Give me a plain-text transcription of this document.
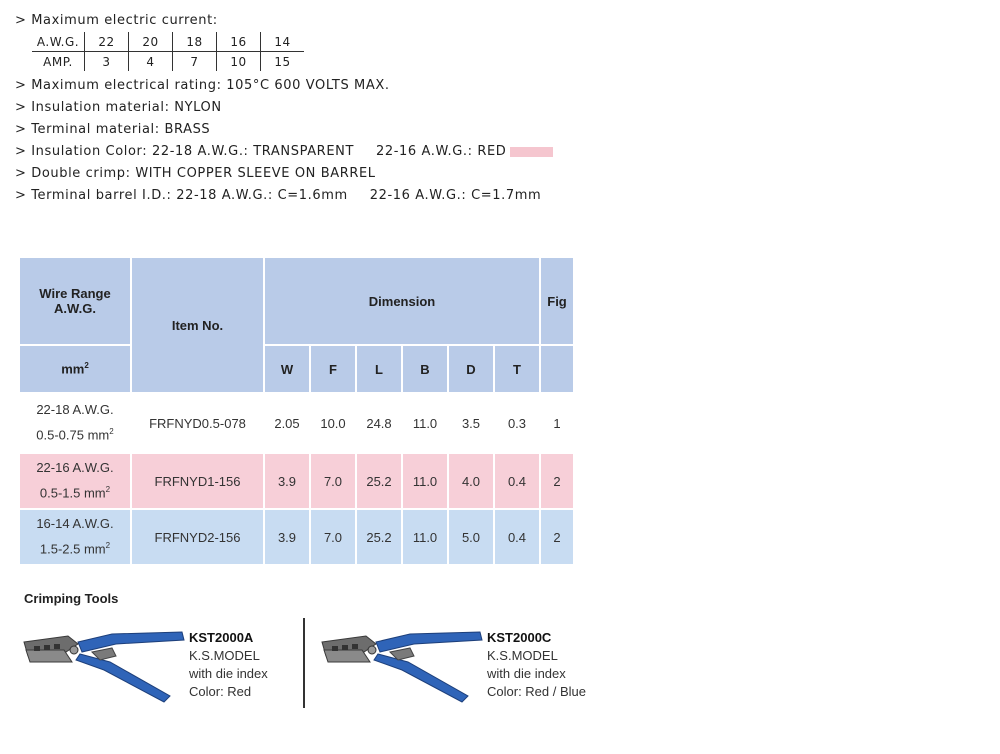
> Maximum electric current:
A.W.G.	22	20	18	16	14
AMP.	3	4	7	10	15
> Maximum electrical rating: 105°C 600 VOLTS MAX.
> Insulation material: NYLON
> Terminal material: BRASS
> Insulation Color: 22-18 A.W.G.: TRANSPARENT 22-16 A.W.G.: RED
> Double crimp: WITH COPPER SLEEVE ON BARREL
> Terminal barrel I.D.: 22-18 A.W.G.: C=1.6mm 22-16 A.W.G.: C=1.7mm
Wire Range
A.W.G.	Item No.	Dimension						Fig
$mm^2$		W	F	L	B	D	T	

22-18 A.W.G.
0.5-0.75 $mm^2$	FRFNYD0.5-078	2.05	10.0	24.8	11.0	3.5	0.3	1

22-16 A.W.G.
0.5-1.5 $mm^2$	FRFNYD1-156	3.9	7.0	25.2	11.0	4.0	0.4	2

16-14 A.W.G.
1.5-2.5 $mm^2$	FRFNYD2-156	3.9	7.0	25.2	11.0	5.0	0.4	2
Crimping Tools
KST2000A
K.S.MODEL
with die index
Color: Red
KST2000C
K.S.MODEL
with die index
Color: Red / Blue
